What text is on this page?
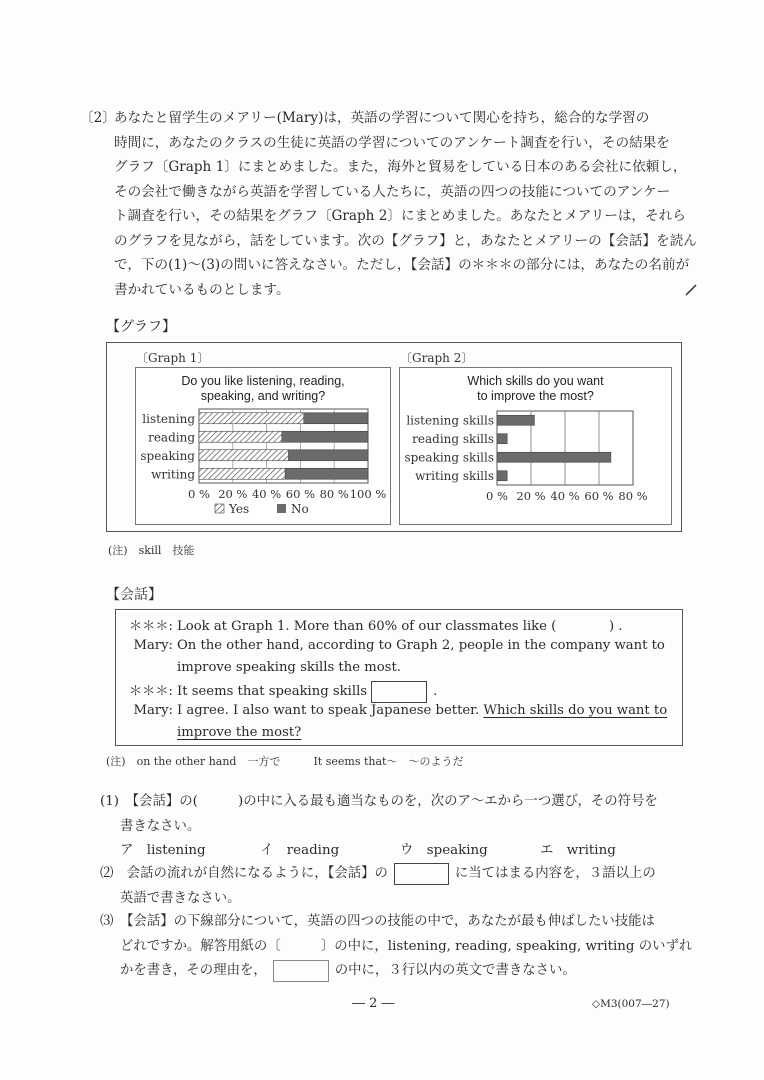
〔2〕

あなたと留学生のメアリー(Mary)は，英語の学習について関心を持ち，総合的な学習の
時間に，あなたのクラスの生徒に英語の学習についてのアンケート調査を行い，その結果を
グラフ〔Graph 1〕にまとめました。また，海外と貿易をしている日本のある会社に依頼し，
その会社で働きながら英語を学習している人たちに，英語の四つの技能についてのアンケー
ト調査を行い，その結果をグラフ〔Graph 2〕にまとめました。あなたとメアリーは，それら
のグラフを見ながら，話をしています。次の【グラフ】と，あなたとメアリーの【会話】を読ん
で，下の(1)～(3)の問いに答えなさい。ただし，【会話】の＊＊＊の部分には，あなたの名前が
書かれているものとします。

【グラフ】
〔Graph 1〕	〔Graph 2〕
Do you like listening, reading,
speaking, and writing?
0 % 20 % 40 % 60 % 80 % 100 %
listening
reading
speaking
writing
Yes	No
Which skills do you want
to improve the most?
0 % 20 % 40 % 60 % 80 %
listening skills
reading skills
speaking skills
writing skills
(注)　skill　技能
【会話】
＊＊＊: Look at Graph 1. More than 60% of our classmates like (　　　　) .
Mary: On the other hand, according to Graph 2, people in the company want to
improve speaking skills the most.
＊＊＊: It seems that speaking skills	.
Mary: I agree. I also want to speak Japanese better. Which skills do you want to
improve the most?
(注)　on the other hand　一方で　　　It seems that～　～のようだ
(1)　【会話】の(　　　)の中に入る最も適当なものを，次のア～エから一つ選び，その符号を
書きなさい。
ア　 listening	イ　 reading	ウ　 speaking	エ　 writing
⑵　会話の流れが自然になるように，【会話】の	に当てはまる内容を，３語以上の
英語で書きなさい。
⑶　【会話】の下線部分について，英語の四つの技能の中で，あなたが最も伸ばしたい技能は
どれですか。解答用紙の〔　　　〕の中に，listening, reading, speaking, writing のいずれ
かを書き，その理由を，	の中に，３行以内の英文で書きなさい。
― 2 ―	◇M3(007―27)
